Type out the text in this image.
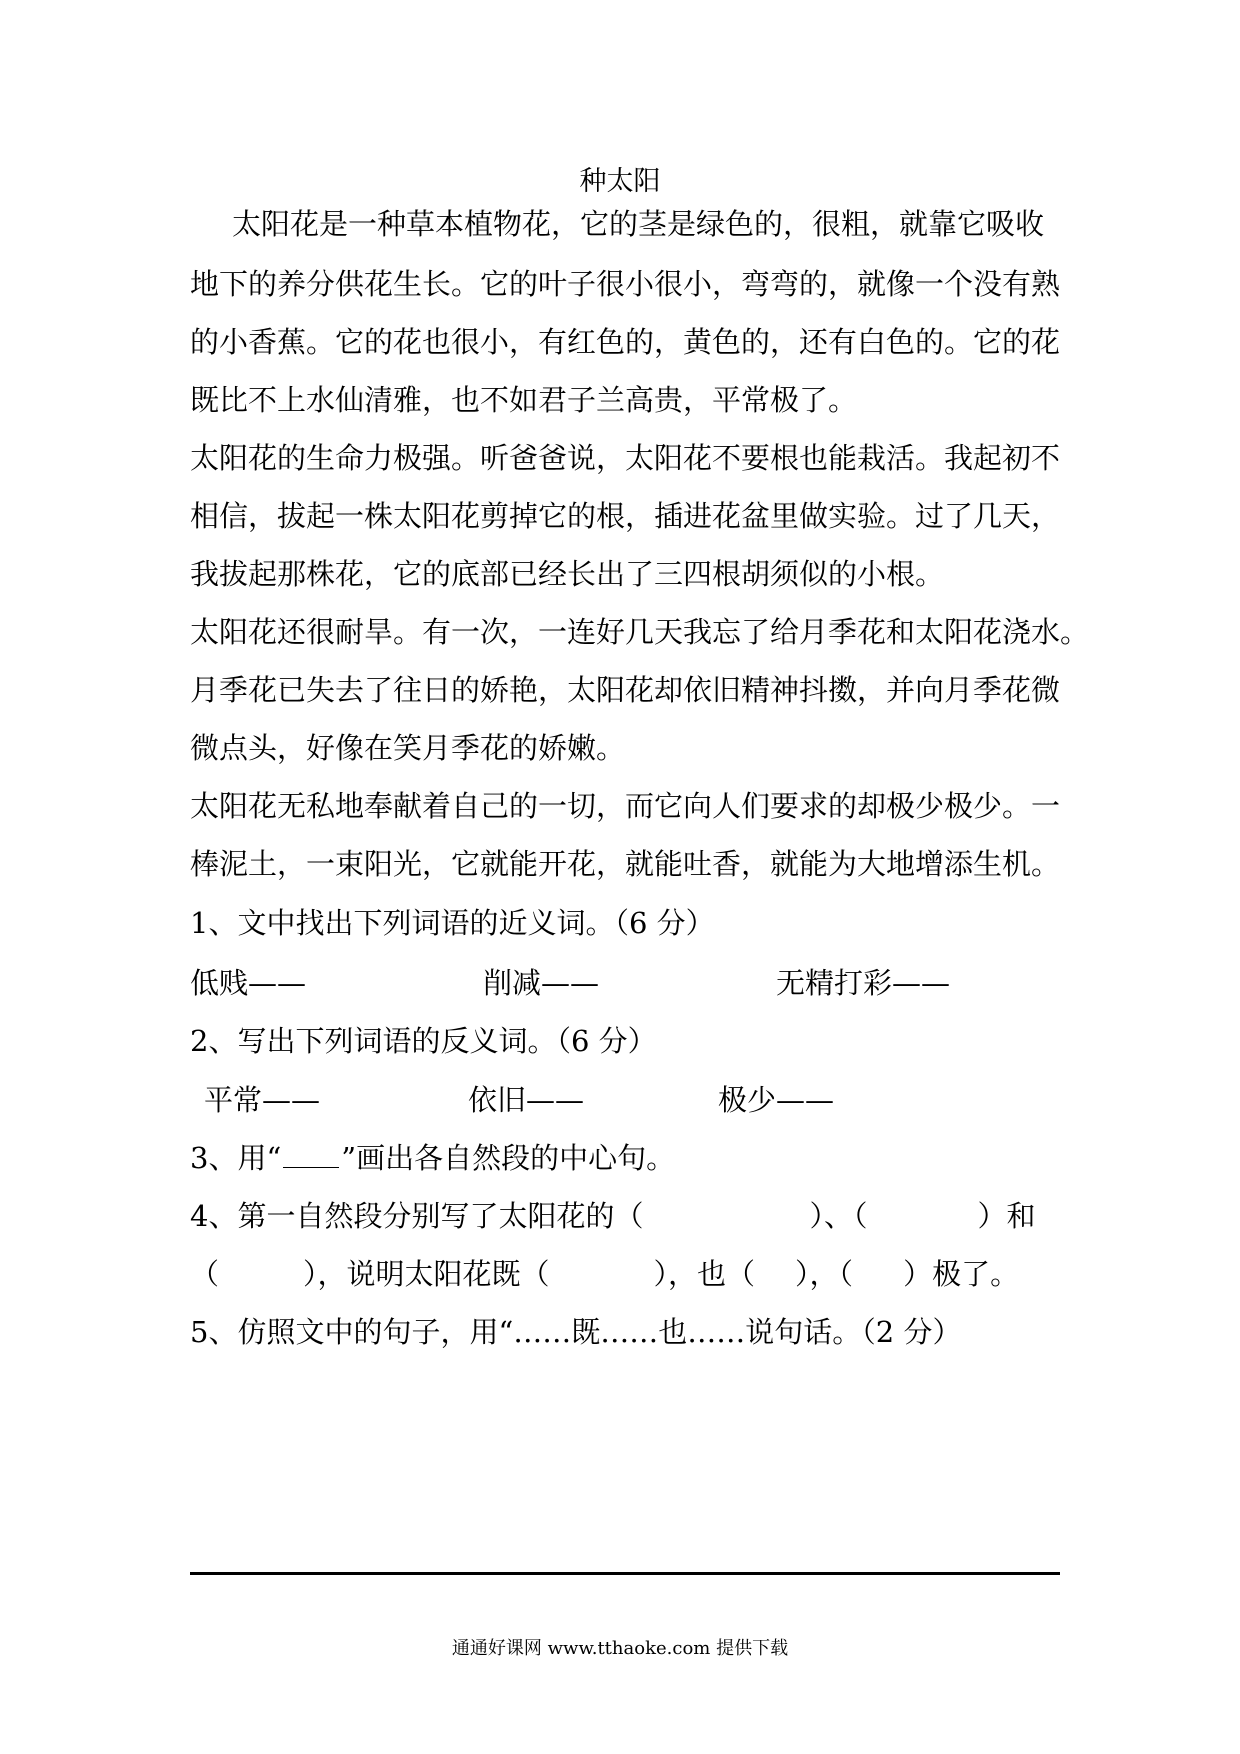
种太阳
太阳花是一种草本植物花，它的茎是绿色的，很粗，就靠它吸收
地下的养分供花生长。它的叶子很小很小，弯弯的，就像一个没有熟
的小香蕉。它的花也很小，有红色的，黄色的，还有白色的。它的花
既比不上水仙清雅，也不如君子兰高贵，平常极了。
太阳花的生命力极强。听爸爸说，太阳花不要根也能栽活。我起初不
相信，拔起一株太阳花剪掉它的根，插进花盆里做实验。过了几天，
我拔起那株花，它的底部已经长出了三四根胡须似的小根。
太阳花还很耐旱。有一次，一连好几天我忘了给月季花和太阳花浇水。
月季花已失去了往日的娇艳，太阳花却依旧精神抖擞，并向月季花微
微点头，好像在笑月季花的娇嫩。
太阳花无私地奉献着自己的一切，而它向人们要求的却极少极少。一
棒泥土，一束阳光，它就能开花，就能吐香，就能为大地增添生机。
1、文中找出下列词语的近义词。（6 分）
低贱——	削减——	无精打彩——
2、写出下列词语的反义词。（6 分）
平常——	依旧——	极少——
3、用“ ”画出各自然段的中心句。
4、第一自然段分别写了太阳花的（	）、（	）和
（	），说明太阳花既（	），也（ ），（ ）极了。
5、仿照文中的句子，用“……既……也……说句话。（2 分）
通通好课网 www.tthaoke.com 提供下载
